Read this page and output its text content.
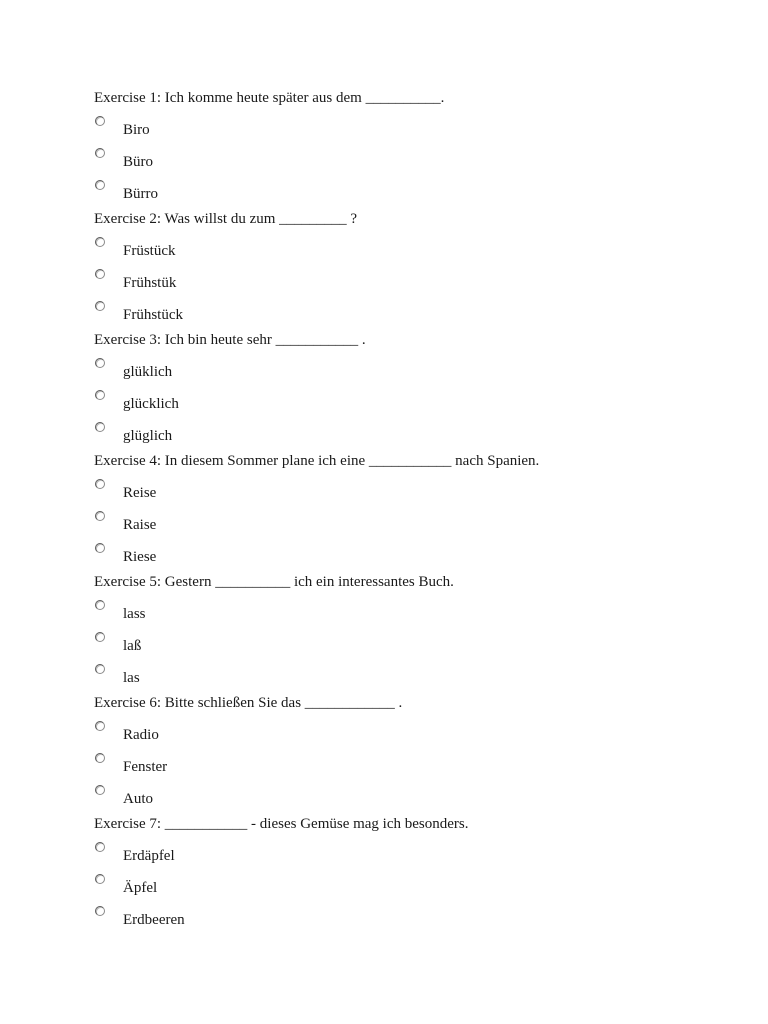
Exercise 1: Ich komme heute später aus dem __________.
Biro
Büro
Bürro
Exercise 2: Was willst du zum _________ ?
Früstück
Frühstük
Frühstück
Exercise 3: Ich bin heute sehr ___________ .
glüklich
glücklich
glüglich
Exercise 4: In diesem Sommer plane ich eine ___________ nach Spanien.
Reise
Raise
Riese
Exercise 5: Gestern __________ ich ein interessantes Buch.
lass
laß
las
Exercise 6: Bitte schließen Sie das ____________ .
Radio
Fenster
Auto
Exercise 7: ___________ - dieses Gemüse mag ich besonders.
Erdäpfel
Äpfel
Erdbeeren
